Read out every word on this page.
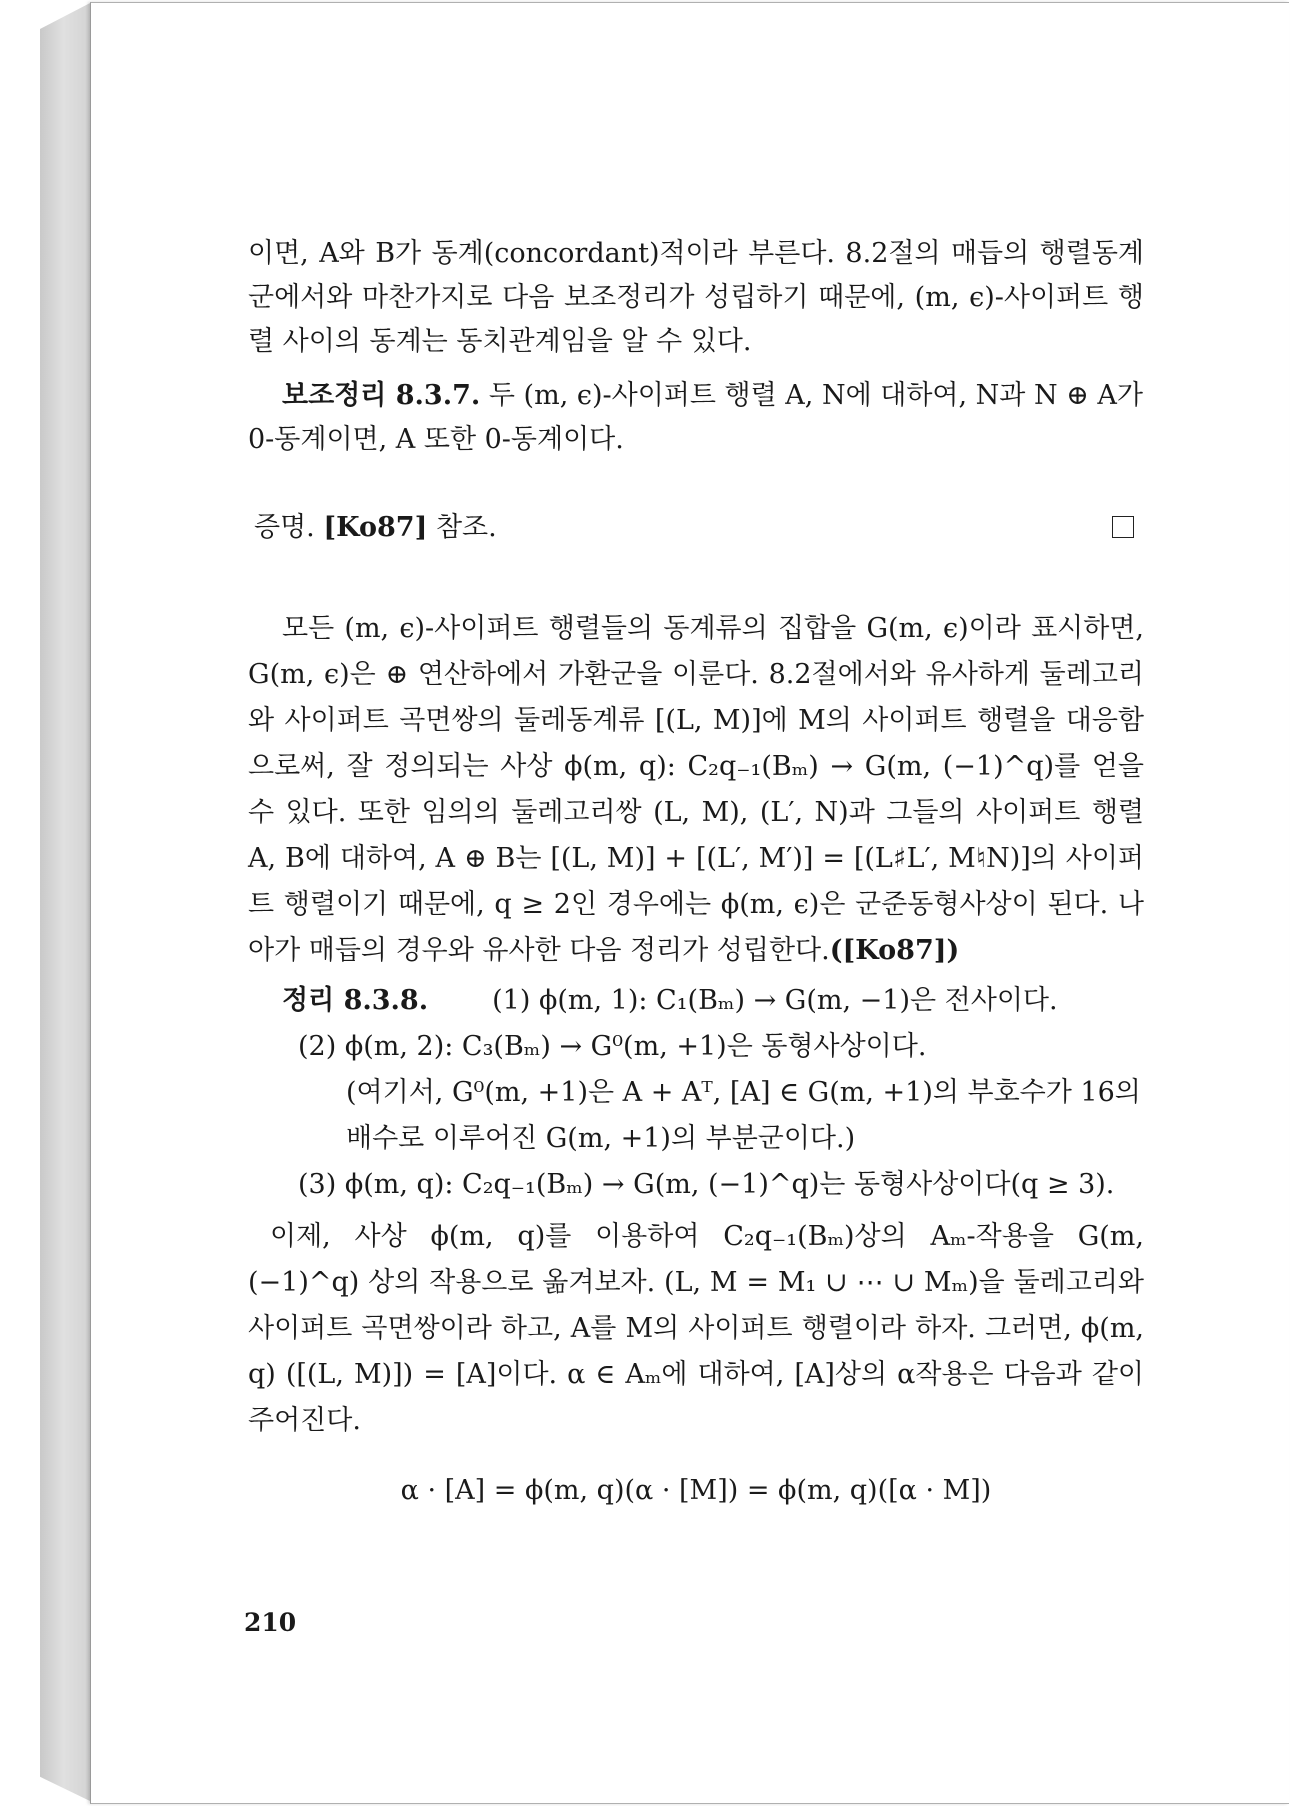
이면, A와 B가 동계(concordant)적이라 부른다. 8.2절의 매듭의 행렬동계군에서와 마찬가지로 다음 보조정리가 성립하기 때문에, (m, ϵ)-사이퍼트 행렬 사이의 동계는 동치관계임을 알 수 있다.

보조정리 8.3.7. 두 (m, ϵ)-사이퍼트 행렬 A, N에 대하여, N과 N ⊕ A가 0-동계이면, A 또한 0-동계이다.

증명. [Ko87] 참조.

모든 (m, ϵ)-사이퍼트 행렬들의 동계류의 집합을 G(m, ϵ)이라 표시하면, G(m, ϵ)은 ⊕ 연산하에서 가환군을 이룬다. 8.2절에서와 유사하게 둘레고리와 사이퍼트 곡면쌍의 둘레동계류 [(L, M)]에 M의 사이퍼트 행렬을 대응함으로써, 잘 정의되는 사상 ϕ(m, q): C₂q₋₁(Bₘ) → G(m, (−1)^q)를 얻을 수 있다. 또한 임의의 둘레고리쌍 (L, M), (L′, N)과 그들의 사이퍼트 행렬 A, B에 대하여, A ⊕ B는 [(L, M)] + [(L′, M′)] = [(L♯L′, M♮N)]의 사이퍼트 행렬이기 때문에, q ≥ 2인 경우에는 ϕ(m, ϵ)은 군준동형사상이 된다. 나아가 매듭의 경우와 유사한 다음 정리가 성립한다.([Ko87])

정리 8.3.8. (1) ϕ(m, 1): C₁(Bₘ) → G(m, −1)은 전사이다.

(2) ϕ(m, 2): C₃(Bₘ) → G⁰(m, +1)은 동형사상이다.

(여기서, G⁰(m, +1)은 A + Aᵀ, [A] ∈ G(m, +1)의 부호수가 16의 배수로 이루어진 G(m, +1)의 부분군이다.)

(3) ϕ(m, q): C₂q₋₁(Bₘ) → G(m, (−1)^q)는 동형사상이다(q ≥ 3).

이제, 사상 ϕ(m, q)를 이용하여 C₂q₋₁(Bₘ)상의 Aₘ-작용을 G(m, (−1)^q) 상의 작용으로 옮겨보자. (L, M = M₁ ∪ ⋯ ∪ Mₘ)을 둘레고리와 사이퍼트 곡면쌍이라 하고, A를 M의 사이퍼트 행렬이라 하자. 그러면, ϕ(m, q) ([(L, M)]) = [A]이다. α ∈ Aₘ에 대하여, [A]상의 α작용은 다음과 같이 주어진다.

α · [A] = ϕ(m, q)(α · [M]) = ϕ(m, q)([α · M])

210
